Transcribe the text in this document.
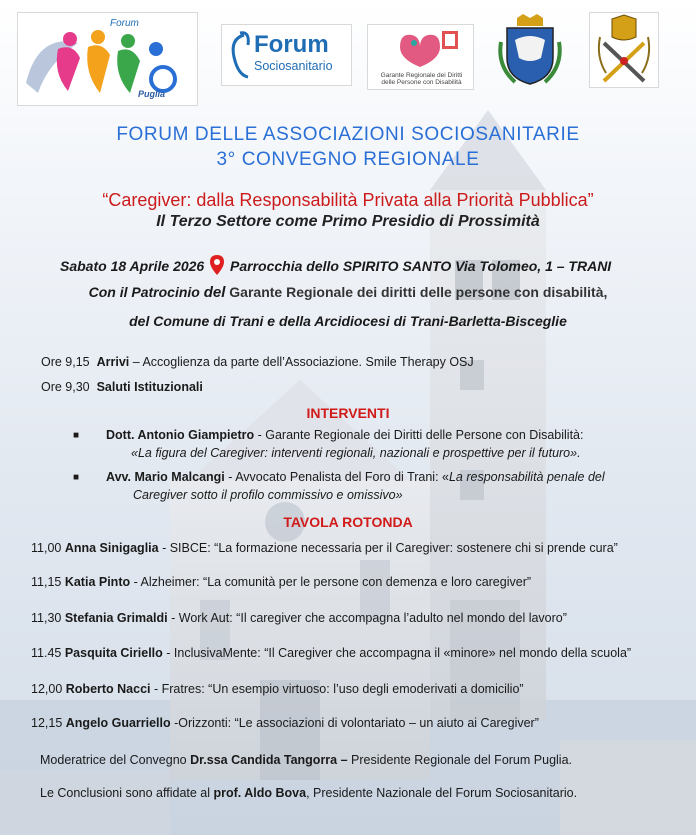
Forum
Puglia
Forum
Sociosanitario
Garante Regionale dei Diritti
delle Persone con Disabilità
FORUM DELLE ASSOCIAZIONI SOCIOSANITARIE
3° CONVEGNO REGIONALE
“Caregiver: dalla Responsabilità Privata alla Priorità Pubblica”
Il Terzo Settore come Primo Presidio di Prossimità
Sabato 18 Aprile 2026 Parrocchia dello SPIRITO SANTO Via Tolomeo, 1 – TRANI
Con il Patrocinio del Garante Regionale dei diritti delle persone con disabilità,
del Comune di Trani e della Arcidiocesi di Trani-Barletta-Bisceglie
Ore 9,15 Arrivi – Accoglienza da parte dell’Associazione. Smile Therapy OSJ
Ore 9,30 Saluti Istituzionali
INTERVENTI
■ Dott. Antonio Giampietro - Garante Regionale dei Diritti delle Persone con Disabilità:
«La figura del Caregiver: interventi regionali, nazionali e prospettive per il futuro».
■ Avv. Mario Malcangi - Avvocato Penalista del Foro di Trani: «La responsabilità penale del
Caregiver sotto il profilo commissivo e omissivo»
TAVOLA ROTONDA
11,00 Anna Sinigaglia - SIBCE: “La formazione necessaria per il Caregiver: sostenere chi si prende cura”
11,15 Katia Pinto - Alzheimer: “La comunità per le persone con demenza e loro caregiver”
11,30 Stefania Grimaldi - Work Aut: “Il caregiver che accompagna l’adulto nel mondo del lavoro”
11.45 Pasquita Ciriello - InclusivaMente: “Il Caregiver che accompagna il «minore» nel mondo della scuola”
12,00 Roberto Nacci - Fratres: “Un esempio virtuoso: l’uso degli emoderivati a domicilio”
12,15 Angelo Guarriello -Orizzonti: “Le associazioni di volontariato – un aiuto ai Caregiver”
Moderatrice del Convegno Dr.ssa Candida Tangorra – Presidente Regionale del Forum Puglia.
Le Conclusioni sono affidate al prof. Aldo Bova, Presidente Nazionale del Forum Sociosanitario.
